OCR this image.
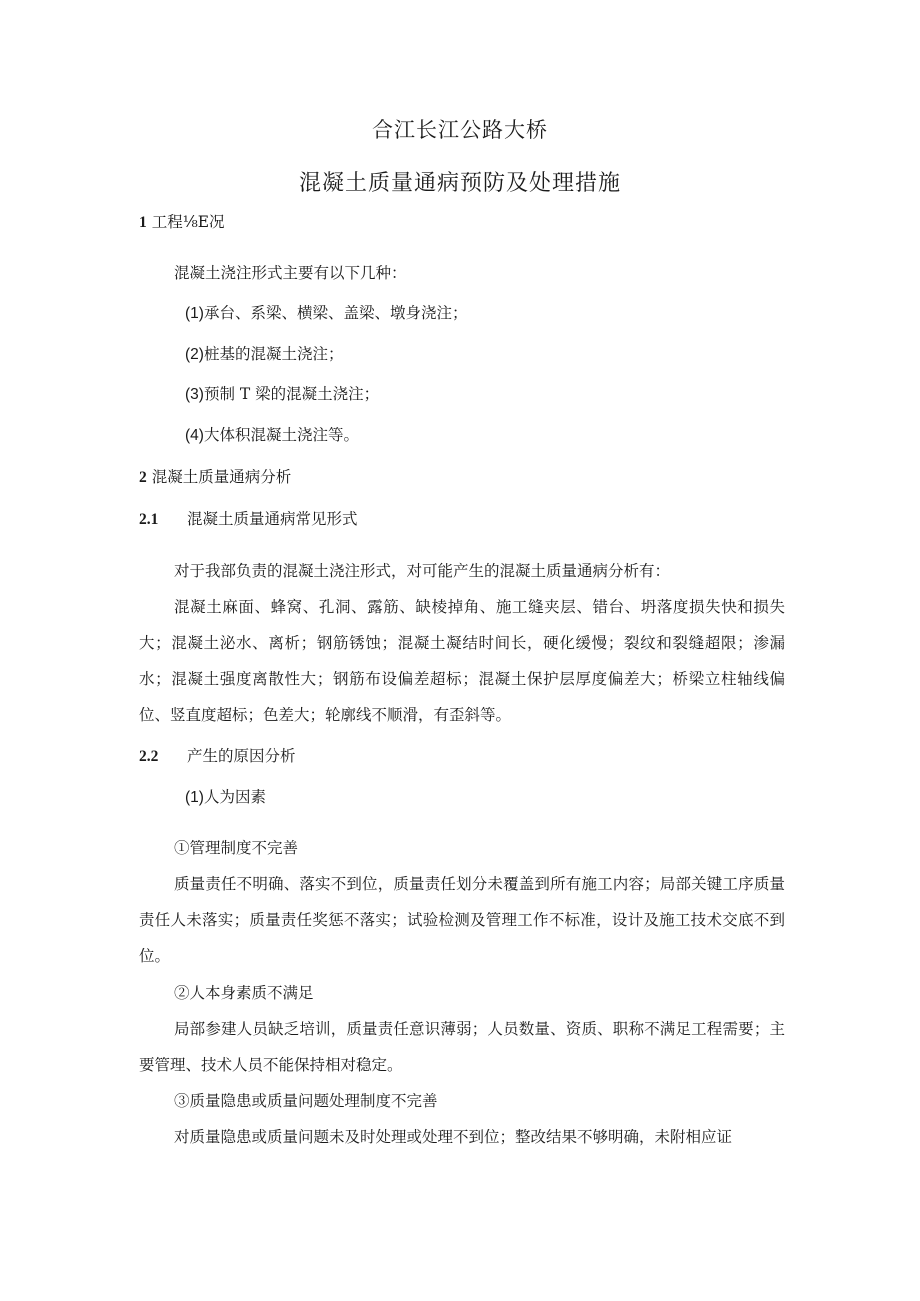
合江长江公路大桥
混凝土质量通病预防及处理措施
1 工程⅛E况
混凝土浇注形式主要有以下几种：
(1)承台、系梁、横梁、盖梁、墩身浇注；
(2)桩基的混凝土浇注；
(3)预制 T 梁的混凝土浇注；
(4)大体积混凝土浇注等。
2 混凝土质量通病分析
2.1 混凝土质量通病常见形式
对于我部负责的混凝土浇注形式，对可能产生的混凝土质量通病分析有：
混凝土麻面、蜂窝、孔洞、露筋、缺棱掉角、施工缝夹层、错台、坍落度损失快和损失大；混凝土泌水、离析；钢筋锈蚀；混凝土凝结时间长，硬化缓慢；裂纹和裂缝超限；渗漏水；混凝土强度离散性大；钢筋布设偏差超标；混凝土保护层厚度偏差大；桥梁立柱轴线偏位、竖直度超标；色差大；轮廓线不顺滑，有歪斜等。
2.2 产生的原因分析
(1)人为因素
①管理制度不完善
质量责任不明确、落实不到位，质量责任划分未覆盖到所有施工内容；局部关键工序质量责任人未落实；质量责任奖惩不落实；试验检测及管理工作不标准，设计及施工技术交底不到位。
②人本身素质不满足
局部参建人员缺乏培训，质量责任意识薄弱；人员数量、资质、职称不满足工程需要；主要管理、技术人员不能保持相对稳定。
③质量隐患或质量问题处理制度不完善
对质量隐患或质量问题未及时处理或处理不到位；整改结果不够明确，未附相应证
